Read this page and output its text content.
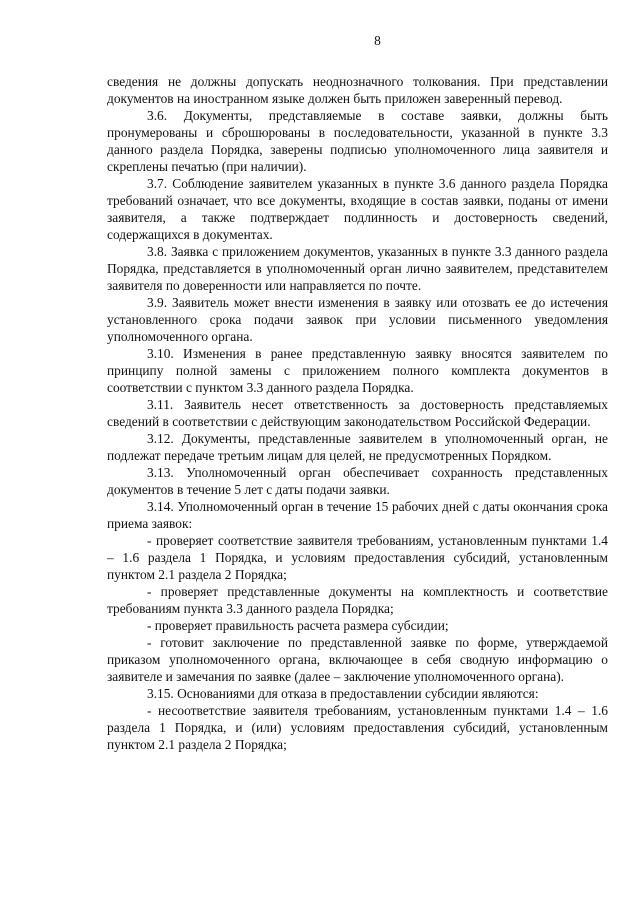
8

сведения не должны допускать неоднозначного толкования. При представлении документов на иностранном языке должен быть приложен заверенный перевод.

3.6. Документы, представляемые в составе заявки, должны быть пронумерованы и сброшюрованы в последовательности, указанной в пункте 3.3 данного раздела Порядка, заверены подписью уполномоченного лица заявителя и скреплены печатью (при наличии).

3.7. Соблюдение заявителем указанных в пункте 3.6 данного раздела Порядка требований означает, что все документы, входящие в состав заявки, поданы от имени заявителя, а также подтверждает подлинность и достоверность сведений, содержащихся в документах.

3.8. Заявка с приложением документов, указанных в пункте 3.3 данного раздела Порядка, представляется в уполномоченный орган лично заявителем, представителем заявителя по доверенности или направляется по почте.

3.9. Заявитель может внести изменения в заявку или отозвать ее до истечения установленного срока подачи заявок при условии письменного уведомления уполномоченного органа.

3.10. Изменения в ранее представленную заявку вносятся заявителем по принципу полной замены с приложением полного комплекта документов в соответствии с пунктом 3.3 данного раздела Порядка.

3.11. Заявитель несет ответственность за достоверность представляемых сведений в соответствии с действующим законодательством Российской Федерации.

3.12. Документы, представленные заявителем в уполномоченный орган, не подлежат передаче третьим лицам для целей, не предусмотренных Порядком.

3.13. Уполномоченный орган обеспечивает сохранность представленных документов в течение 5 лет с даты подачи заявки.

3.14. Уполномоченный орган в течение 15 рабочих дней с даты окончания срока приема заявок:

- проверяет соответствие заявителя требованиям, установленным пунктами 1.4 – 1.6 раздела 1 Порядка, и условиям предоставления субсидий, установленным пунктом 2.1 раздела 2 Порядка;

- проверяет представленные документы на комплектность и соответствие требованиям пункта 3.3 данного раздела Порядка;

- проверяет правильность расчета размера субсидии;

- готовит заключение по представленной заявке по форме, утверждаемой приказом уполномоченного органа, включающее в себя сводную информацию о заявителе и замечания по заявке (далее – заключение уполномоченного органа).

3.15. Основаниями для отказа в предоставлении субсидии являются:

- несоответствие заявителя требованиям, установленным пунктами 1.4 – 1.6 раздела 1 Порядка, и (или) условиям предоставления субсидий, установленным пунктом 2.1 раздела 2 Порядка;
